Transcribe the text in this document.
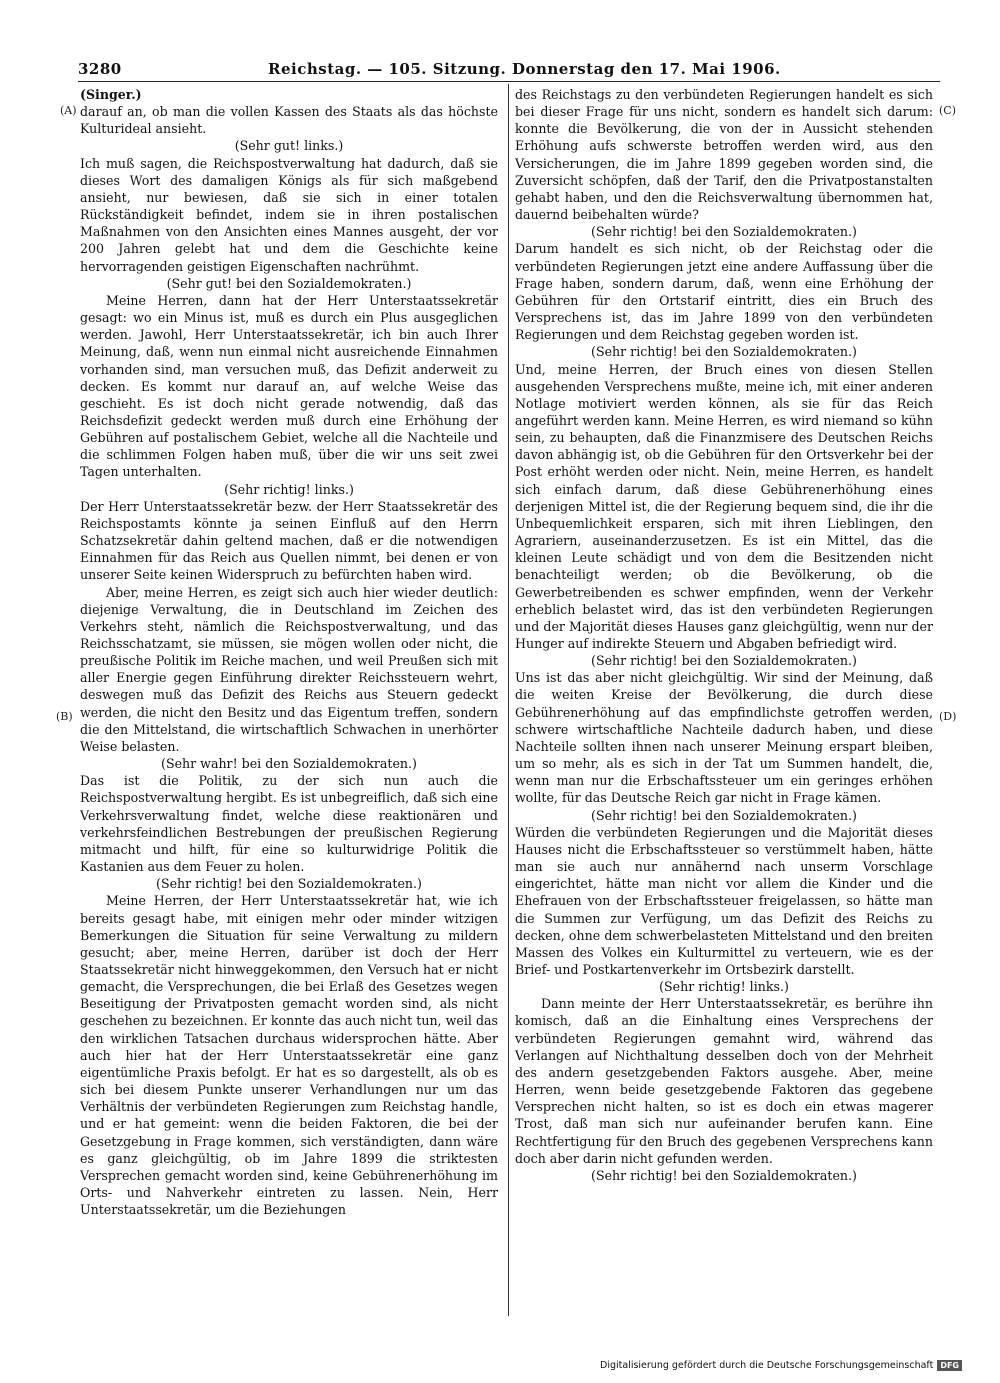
3280	Reichstag. — 105. Sitzung. Donnerstag den 17. Mai 1906.
(A)
(B)
(C)
(D)

(Singer.)

darauf an, ob man die vollen Kassen des Staats als das höchste Kulturideal ansieht.

(Sehr gut! links.)

Ich muß sagen, die Reichspostverwaltung hat dadurch, daß sie dieses Wort des damaligen Königs als für sich maßgebend ansieht, nur bewiesen, daß sie sich in einer totalen Rückständigkeit befindet, indem sie in ihren postalischen Maßnahmen von den Ansichten eines Mannes ausgeht, der vor 200 Jahren gelebt hat und dem die Geschichte keine hervorragenden geistigen Eigenschaften nachrühmt.

(Sehr gut! bei den Sozialdemokraten.)

Meine Herren, dann hat der Herr Unterstaatssekretär gesagt: wo ein Minus ist, muß es durch ein Plus ausgeglichen werden. Jawohl, Herr Unterstaatssekretär, ich bin auch Ihrer Meinung, daß, wenn nun einmal nicht ausreichende Einnahmen vorhanden sind, man versuchen muß, das Defizit anderweit zu decken. Es kommt nur darauf an, auf welche Weise das geschieht. Es ist doch nicht gerade notwendig, daß das Reichsdefizit gedeckt werden muß durch eine Erhöhung der Gebühren auf postalischem Gebiet, welche all die Nachteile und die schlimmen Folgen haben muß, über die wir uns seit zwei Tagen unterhalten.

(Sehr richtig! links.)

Der Herr Unterstaatssekretär bezw. der Herr Staatssekretär des Reichspostamts könnte ja seinen Einfluß auf den Herrn Schatzsekretär dahin geltend machen, daß er die notwendigen Einnahmen für das Reich aus Quellen nimmt, bei denen er von unserer Seite keinen Widerspruch zu befürchten haben wird.

Aber, meine Herren, es zeigt sich auch hier wieder deutlich: diejenige Verwaltung, die in Deutschland im Zeichen des Verkehrs steht, nämlich die Reichspostverwaltung, und das Reichsschatzamt, sie müssen, sie mögen wollen oder nicht, die preußische Politik im Reiche machen, und weil Preußen sich mit aller Energie gegen Einführung direkter Reichssteuern wehrt, deswegen muß das Defizit des Reichs aus Steuern gedeckt werden, die nicht den Besitz und das Eigentum treffen, sondern die den Mittelstand, die wirtschaftlich Schwachen in unerhörter Weise belasten.

(Sehr wahr! bei den Sozialdemokraten.)

Das ist die Politik, zu der sich nun auch die Reichspostverwaltung hergibt. Es ist unbegreiflich, daß sich eine Verkehrsverwaltung findet, welche diese reaktionären und verkehrsfeindlichen Bestrebungen der preußischen Regierung mitmacht und hilft, für eine so kulturwidrige Politik die Kastanien aus dem Feuer zu holen.

(Sehr richtig! bei den Sozialdemokraten.)

Meine Herren, der Herr Unterstaatssekretär hat, wie ich bereits gesagt habe, mit einigen mehr oder minder witzigen Bemerkungen die Situation für seine Verwaltung zu mildern gesucht; aber, meine Herren, darüber ist doch der Herr Staatssekretär nicht hinweggekommen, den Versuch hat er nicht gemacht, die Versprechungen, die bei Erlaß des Gesetzes wegen Beseitigung der Privatposten gemacht worden sind, als nicht geschehen zu bezeichnen. Er konnte das auch nicht tun, weil das den wirklichen Tatsachen durchaus widersprochen hätte. Aber auch hier hat der Herr Unterstaatssekretär eine ganz eigentümliche Praxis befolgt. Er hat es so dargestellt, als ob es sich bei diesem Punkte unserer Verhandlungen nur um das Verhältnis der verbündeten Regierungen zum Reichstag handle, und er hat gemeint: wenn die beiden Faktoren, die bei der Gesetzgebung in Frage kommen, sich verständigten, dann wäre es ganz gleichgültig, ob im Jahre 1899 die striktesten Versprechen gemacht worden sind, keine Gebührenerhöhung im Orts- und Nahverkehr eintreten zu lassen. Nein, Herr Unterstaatssekretär, um die Beziehungen

des Reichstags zu den verbündeten Regierungen handelt es sich bei dieser Frage für uns nicht, sondern es handelt sich darum: konnte die Bevölkerung, die von der in Aussicht stehenden Erhöhung aufs schwerste betroffen werden wird, aus den Versicherungen, die im Jahre 1899 gegeben worden sind, die Zuversicht schöpfen, daß der Tarif, den die Privatpostanstalten gehabt haben, und den die Reichsverwaltung übernommen hat, dauernd beibehalten würde?

(Sehr richtig! bei den Sozialdemokraten.)

Darum handelt es sich nicht, ob der Reichstag oder die verbündeten Regierungen jetzt eine andere Auffassung über die Frage haben, sondern darum, daß, wenn eine Erhöhung der Gebühren für den Ortstarif eintritt, dies ein Bruch des Versprechens ist, das im Jahre 1899 von den verbündeten Regierungen und dem Reichstag gegeben worden ist.

(Sehr richtig! bei den Sozialdemokraten.)

Und, meine Herren, der Bruch eines von diesen Stellen ausgehenden Versprechens mußte, meine ich, mit einer anderen Notlage motiviert werden können, als sie für das Reich angeführt werden kann. Meine Herren, es wird niemand so kühn sein, zu behaupten, daß die Finanzmisere des Deutschen Reichs davon abhängig ist, ob die Gebühren für den Ortsverkehr bei der Post erhöht werden oder nicht. Nein, meine Herren, es handelt sich einfach darum, daß diese Gebührenerhöhung eines derjenigen Mittel ist, die der Regierung bequem sind, die ihr die Unbequemlichkeit ersparen, sich mit ihren Lieblingen, den Agrariern, auseinanderzusetzen. Es ist ein Mittel, das die kleinen Leute schädigt und von dem die Besitzenden nicht benachteiligt werden; ob die Bevölkerung, ob die Gewerbetreibenden es schwer empfinden, wenn der Verkehr erheblich belastet wird, das ist den verbündeten Regierungen und der Majorität dieses Hauses ganz gleichgültig, wenn nur der Hunger auf indirekte Steuern und Abgaben befriedigt wird.

(Sehr richtig! bei den Sozialdemokraten.)

Uns ist das aber nicht gleichgültig. Wir sind der Meinung, daß die weiten Kreise der Bevölkerung, die durch diese Gebührenerhöhung auf das empfindlichste getroffen werden, schwere wirtschaftliche Nachteile dadurch haben, und diese Nachteile sollten ihnen nach unserer Meinung erspart bleiben, um so mehr, als es sich in der Tat um Summen handelt, die, wenn man nur die Erbschaftssteuer um ein geringes erhöhen wollte, für das Deutsche Reich gar nicht in Frage kämen.

(Sehr richtig! bei den Sozialdemokraten.)

Würden die verbündeten Regierungen und die Majorität dieses Hauses nicht die Erbschaftssteuer so verstümmelt haben, hätte man sie auch nur annähernd nach unserm Vorschlage eingerichtet, hätte man nicht vor allem die Kinder und die Ehefrauen von der Erbschaftssteuer freigelassen, so hätte man die Summen zur Verfügung, um das Defizit des Reichs zu decken, ohne dem schwerbelasteten Mittelstand und den breiten Massen des Volkes ein Kulturmittel zu verteuern, wie es der Brief- und Postkartenverkehr im Ortsbezirk darstellt.

(Sehr richtig! links.)

Dann meinte der Herr Unterstaatssekretär, es berühre ihn komisch, daß an die Einhaltung eines Versprechens der verbündeten Regierungen gemahnt wird, während das Verlangen auf Nichthaltung desselben doch von der Mehrheit des andern gesetzgebenden Faktors ausgehe. Aber, meine Herren, wenn beide gesetzgebende Faktoren das gegebene Versprechen nicht halten, so ist es doch ein etwas magerer Trost, daß man sich nur aufeinander berufen kann. Eine Rechtfertigung für den Bruch des gegebenen Versprechens kann doch aber darin nicht gefunden werden.

(Sehr richtig! bei den Sozialdemokraten.)

Digitalisierung gefördert durch die Deutsche Forschungsgemeinschaft DFG
